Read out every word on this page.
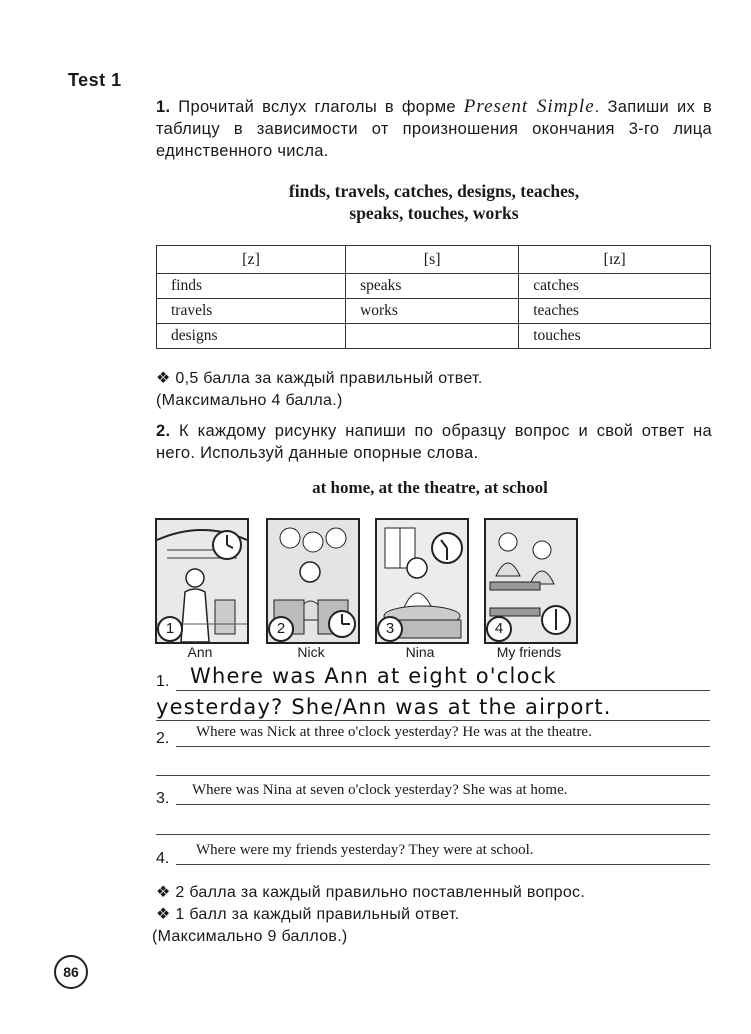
Test 1
1. Прочитай вслух глаголы в форме Present Simple. Запиши их в таблицу в зависимости от произношения окончания 3-го лица единственного числа.
finds, travels, catches, designs, teaches,
speaks, touches, works
[z]	[s]	[ɪz]
finds	speaks	catches
travels	works	teaches
designs		touches
❖ 0,5 балла за каждый правильный ответ.
(Максимально 4 балла.)
2. К каждому рисунку напиши по образцу вопрос и свой ответ на него. Используй данные опорные слова.
at home, at the theatre, at school
1	2	3	4
Ann	Nick	Nina	My friends
1. Where was Ann at eight o'clock
yesterday? She/Ann was at the airport.
2. Where was Nick at three o'clock yesterday? He was at the theatre.
3. Where was Nina at seven o'clock yesterday? She was at home.
4. Where were my friends yesterday? They were at school.
❖ 2 балла за каждый правильно поставленный вопрос.
❖ 1 балл за каждый правильный ответ.
(Максимально 9 баллов.)
86
